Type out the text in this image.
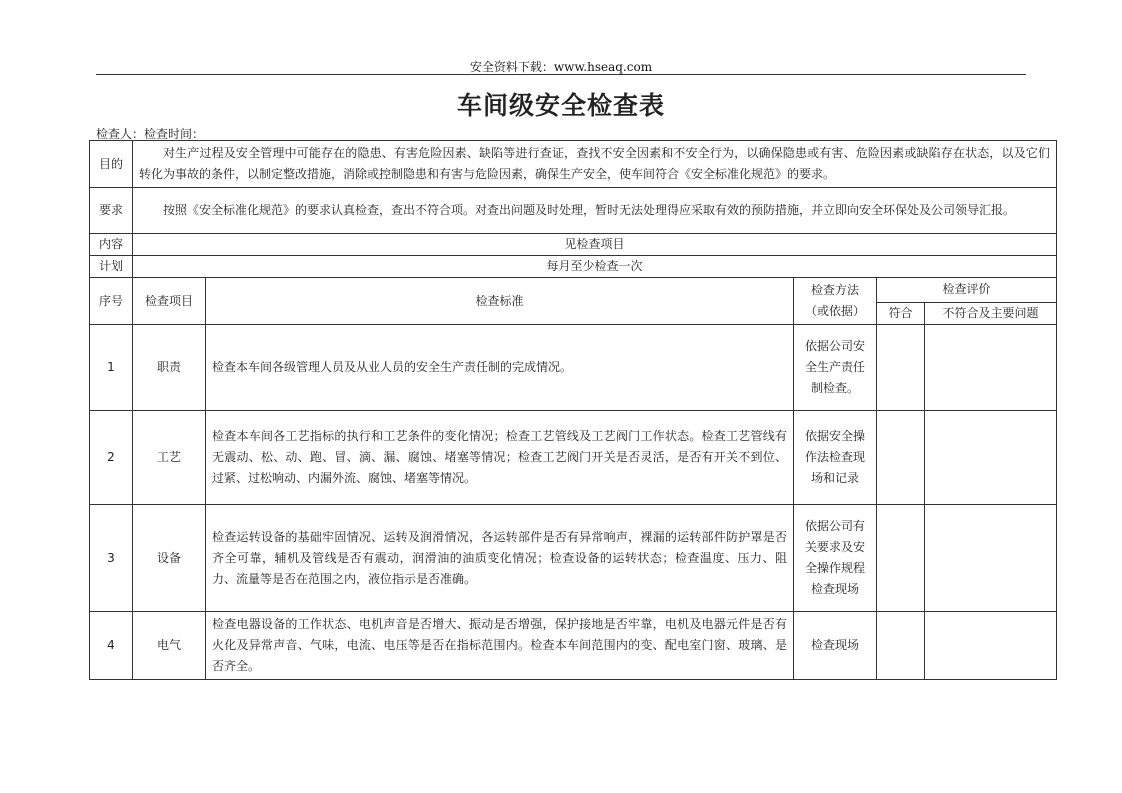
安全资料下载：www.hseaq.com
车间级安全检查表
检查人：检查时间：
目的	对生产过程及安全管理中可能存在的隐患、有害危险因素、缺陷等进行查证，查找不安全因素和不安全行为，以确保隐患或有害、危险因素或缺陷存在状态，以及它们转化为事故的条件，以制定整改措施，消除或控制隐患和有害与危险因素，确保生产安全，使车间符合《安全标准化规范》的要求。				
要求	按照《安全标准化规范》的要求认真检查，查出不符合项。对查出问题及时处理，暂时无法处理得应采取有效的预防措施，并立即向安全环保处及公司领导汇报。				
内容	见检查项目				
计划	每月至少检查一次				
序号	检查项目	检查标准	检查方法（或依据）	检查评价	
				符合	不符合及主要问题
1	职责	检查本车间各级管理人员及从业人员的安全生产责任制的完成情况。	依据公司安全生产责任制检查。		
2	工艺	检查本车间各工艺指标的执行和工艺条件的变化情况；检查工艺管线及工艺阀门工作状态。检查工艺管线有无震动、松、动、跑、冒、滴、漏、腐蚀、堵塞等情况；检查工艺阀门开关是否灵活，是否有开关不到位、过紧、过松响动、内漏外流、腐蚀、堵塞等情况。	依据安全操作法检查现场和记录		
3	设备	检查运转设备的基础牢固情况、运转及润滑情况，各运转部件是否有异常响声，裸漏的运转部件防护罩是否齐全可靠，辅机及管线是否有震动，润滑油的油质变化情况；检查设备的运转状态；检查温度、压力、阻力、流量等是否在范围之内，液位指示是否准确。	依据公司有关要求及安全操作规程检查现场		
4	电气	检查电器设备的工作状态、电机声音是否增大、振动是否增强，保护接地是否牢靠，电机及电器元件是否有火化及异常声音、气味，电流、电压等是否在指标范围内。检查本车间范围内的变、配电室门窗、玻璃、是否齐全。	检查现场		
